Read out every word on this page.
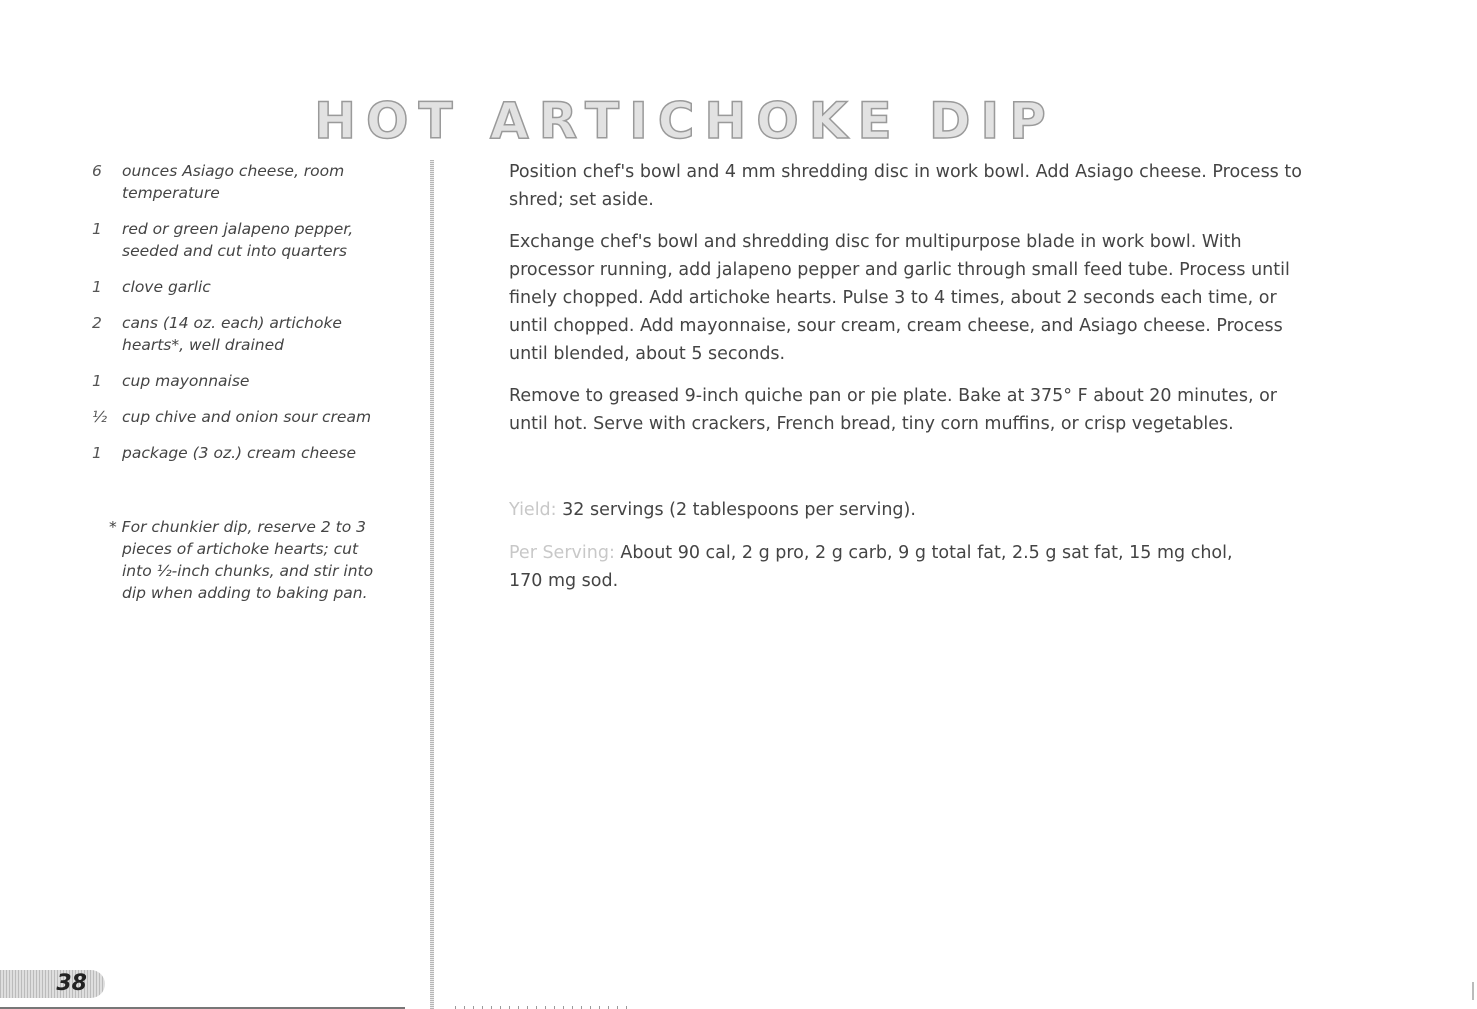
HOT ARTICHOKE DIP
6	ounces Asiago cheese, room temperature
1	red or green jalapeno pepper, seeded and cut into quarters
1	clove garlic
2	cans (14 oz. each) artichoke hearts*, well drained
1	cup mayonnaise
½ cup chive and onion sour cream
1	package (3 oz.) cream cheese
* For chunkier dip, reserve 2 to 3 pieces of artichoke hearts; cut into ½-inch chunks, and stir into dip when adding to baking pan.

Position chef's bowl and 4 mm shredding disc in work bowl. Add Asiago cheese. Process to shred; set aside.

Exchange chef's bowl and shredding disc for multipurpose blade in work bowl. With processor running, add jalapeno pepper and garlic through small feed tube. Process until finely chopped. Add artichoke hearts. Pulse 3 to 4 times, about 2 seconds each time, or until chopped. Add mayonnaise, sour cream, cream cheese, and Asiago cheese. Process until blended, about 5 seconds.

Remove to greased 9-inch quiche pan or pie plate. Bake at 375° F about 20 minutes, or until hot. Serve with crackers, French bread, tiny corn muffins, or crisp vegetables.

Yield: 32 servings (2 tablespoons per serving).
Per Serving: About 90 cal, 2 g pro, 2 g carb, 9 g total fat, 2.5 g sat fat, 15 mg chol, 170 mg sod.
38
